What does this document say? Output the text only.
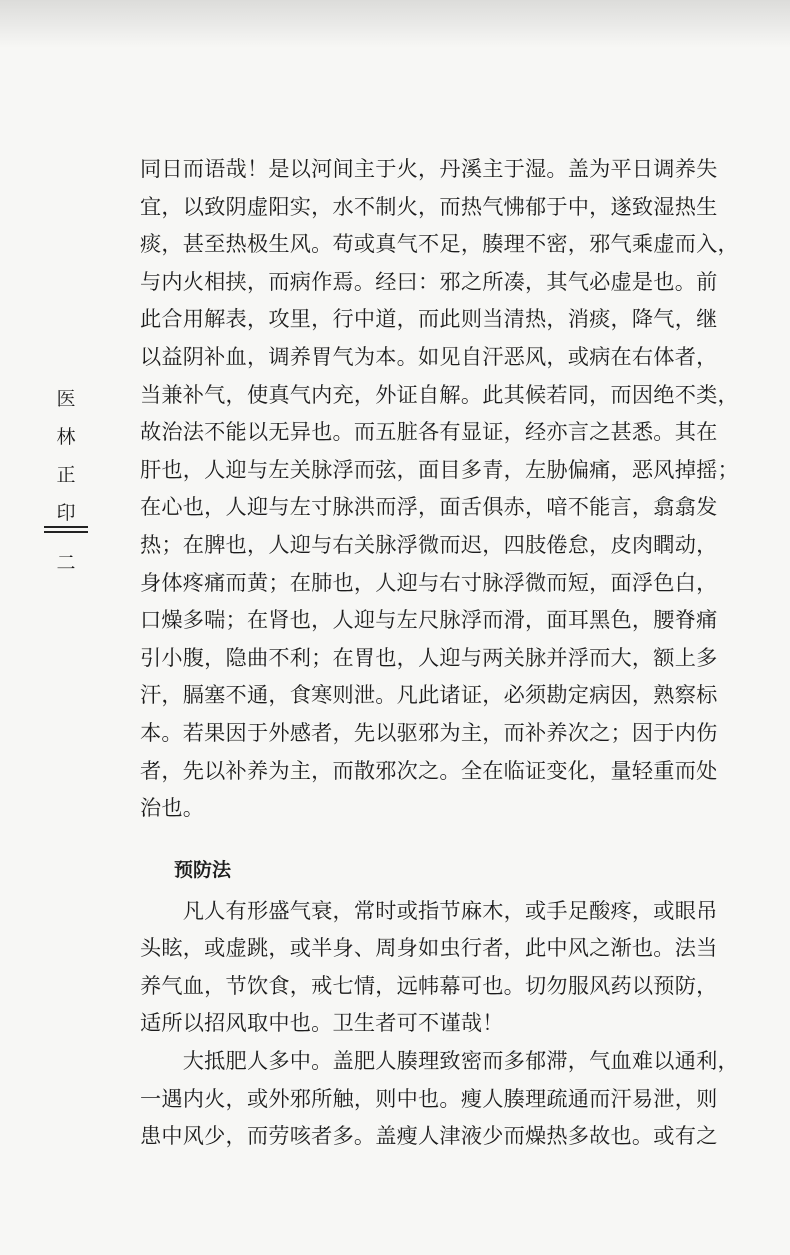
医
林
正
印
二
同日而语哉！是以河间主于火，丹溪主于湿。盖为平日调养失
宜，以致阴虚阳实，水不制火，而热气怫郁于中，遂致湿热生
痰，甚至热极生风。苟或真气不足，腠理不密，邪气乘虚而入，
与内火相挟，而病作焉。经曰：邪之所凑，其气必虚是也。前
此合用解表，攻里，行中道，而此则当清热，消痰，降气，继
以益阴补血，调养胃气为本。如见自汗恶风，或病在右体者，
当兼补气，使真气内充，外证自解。此其候若同，而因绝不类，
故治法不能以无异也。而五脏各有显证，经亦言之甚悉。其在
肝也，人迎与左关脉浮而弦，面目多青，左胁偏痛，恶风掉摇；
在心也，人迎与左寸脉洪而浮，面舌俱赤，喑不能言，翕翕发
热；在脾也，人迎与右关脉浮微而迟，四肢倦怠，皮肉瞤动，
身体疼痛而黄；在肺也，人迎与右寸脉浮微而短，面浮色白，
口燥多喘；在肾也，人迎与左尺脉浮而滑，面耳黑色，腰脊痛
引小腹，隐曲不利；在胃也，人迎与两关脉并浮而大，额上多
汗，膈塞不通，食寒则泄。凡此诸证，必须勘定病因，熟察标
本。若果因于外感者，先以驱邪为主，而补养次之；因于内伤
者，先以补养为主，而散邪次之。全在临证变化，量轻重而处
治也。
预防法
　　凡人有形盛气衰，常时或指节麻木，或手足酸疼，或眼吊
头眩，或虚跳，或半身、周身如虫行者，此中风之渐也。法当
养气血，节饮食，戒七情，远帏幕可也。切勿服风药以预防，
适所以招风取中也。卫生者可不谨哉！
　　大抵肥人多中。盖肥人腠理致密而多郁滞，气血难以通利，
一遇内火，或外邪所触，则中也。瘦人腠理疏通而汗易泄，则
患中风少，而劳咳者多。盖瘦人津液少而燥热多故也。或有之
